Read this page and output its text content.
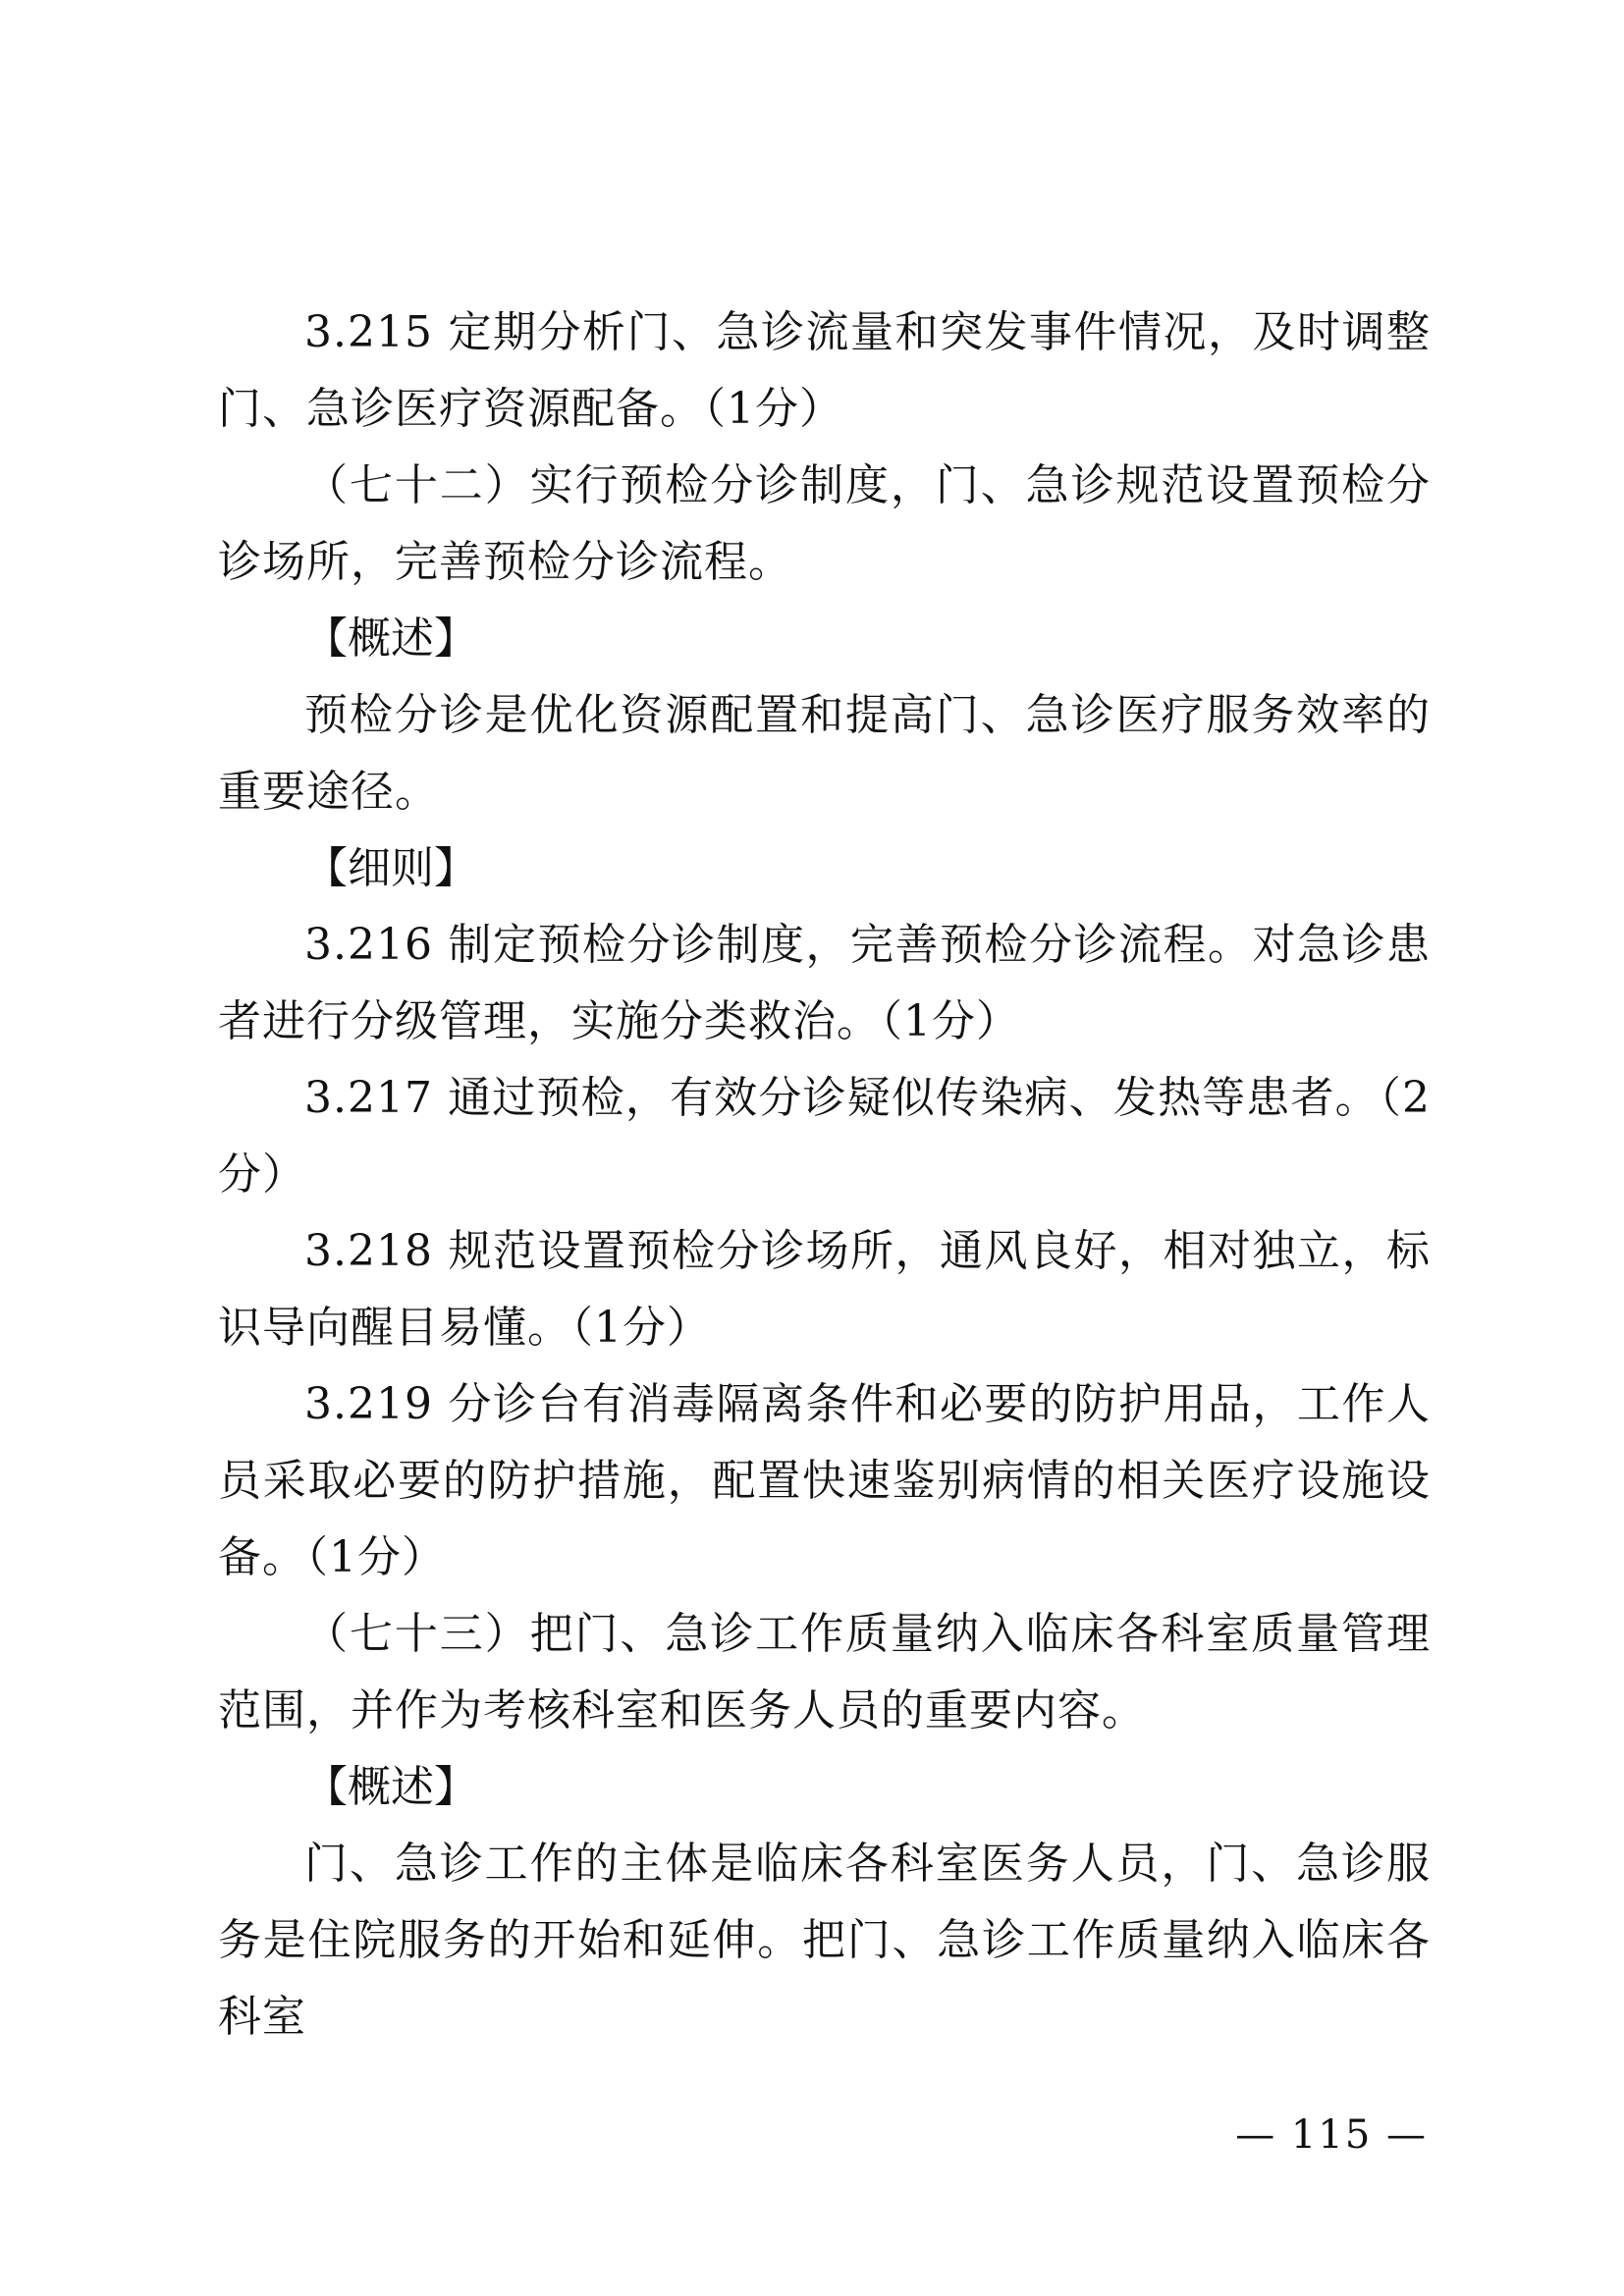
3.215 定期分析门、急诊流量和突发事件情况，及时调整门、急诊医疗资源配备。（1分）

（七十二）实行预检分诊制度，门、急诊规范设置预检分诊场所，完善预检分诊流程。

【概述】

预检分诊是优化资源配置和提高门、急诊医疗服务效率的重要途径。

【细则】

3.216 制定预检分诊制度，完善预检分诊流程。对急诊患者进行分级管理，实施分类救治。（1分）

3.217 通过预检，有效分诊疑似传染病、发热等患者。（2分）

3.218 规范设置预检分诊场所，通风良好，相对独立，标识导向醒目易懂。（1分）

3.219 分诊台有消毒隔离条件和必要的防护用品，工作人员采取必要的防护措施，配置快速鉴别病情的相关医疗设施设备。（1分）

（七十三）把门、急诊工作质量纳入临床各科室质量管理范围，并作为考核科室和医务人员的重要内容。

【概述】

门、急诊工作的主体是临床各科室医务人员，门、急诊服务是住院服务的开始和延伸。把门、急诊工作质量纳入临床各科室

— 115 —
